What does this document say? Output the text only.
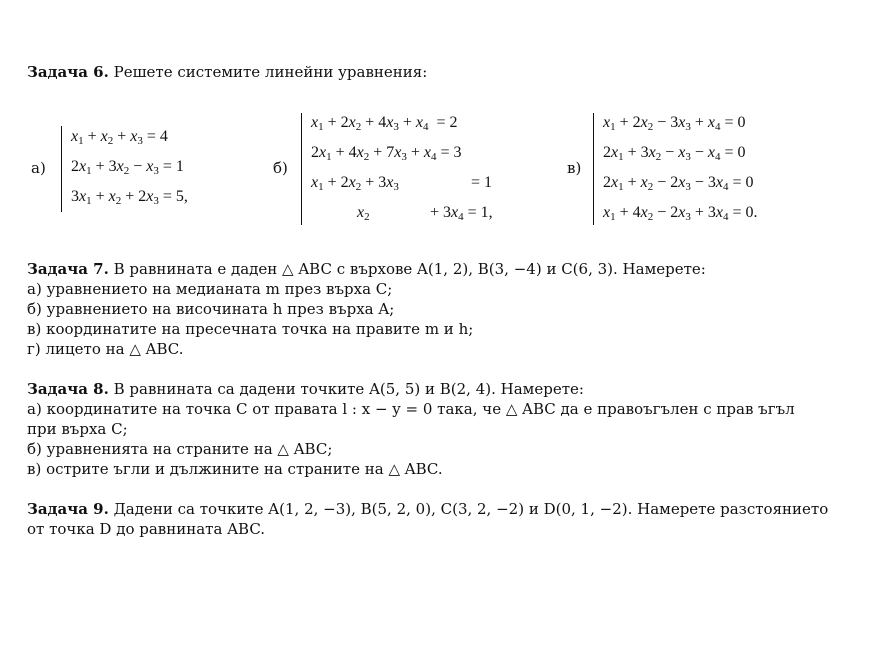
Задача 6. Решете системите линейни уравнения:
а)
$x_1 + x_2 + x_3 = 4$
$2x_1 + 3x_2 - x_3 = 1$
$3x_1 + x_2 + 2x_3 = 5$,
б)
$x_1 + 2x_2 + 4x_3 + x_4 = 2$
$2x_1 + 4x_2 + 7x_3 + x_4 = 3$
$x_1 + 2x_2 + 3x_3$	= 1
$x_2$	+ $3x_4 = 1$,
в)
$x_1 + 2x_2 - 3x_3 + x_4 = 0$
$2x_1 + 3x_2 - x_3 - x_4 = 0$
$2x_1 + x_2 - 2x_3 - 3x_4 = 0$
$x_1 + 4x_2 - 2x_3 + 3x_4 = 0$.
Задача 7. В равнината е даден △ ABC с върхове A(1, 2), B(3, −4) и C(6, 3). Намерете:
а) уравнението на медианата m през върха C;
б) уравнението на височината h през върха A;
в) координатите на пресечната точка на правите m и h;
г) лицето на △ ABC.
Задача 8. В равнината са дадени точките A(5, 5) и B(2, 4). Намерете:
а) координатите на точка C от правата l : x − y = 0 така, че △ ABC да е правоъгълен с прав ъгъл
при върха C;
б) уравненията на страните на △ ABC;
в) острите ъгли и дължините на страните на △ ABC.
Задача 9. Дадени са точките A(1, 2, −3), B(5, 2, 0), C(3, 2, −2) и D(0, 1, −2). Намерете разстоянието
от точка D до равнината ABC.
